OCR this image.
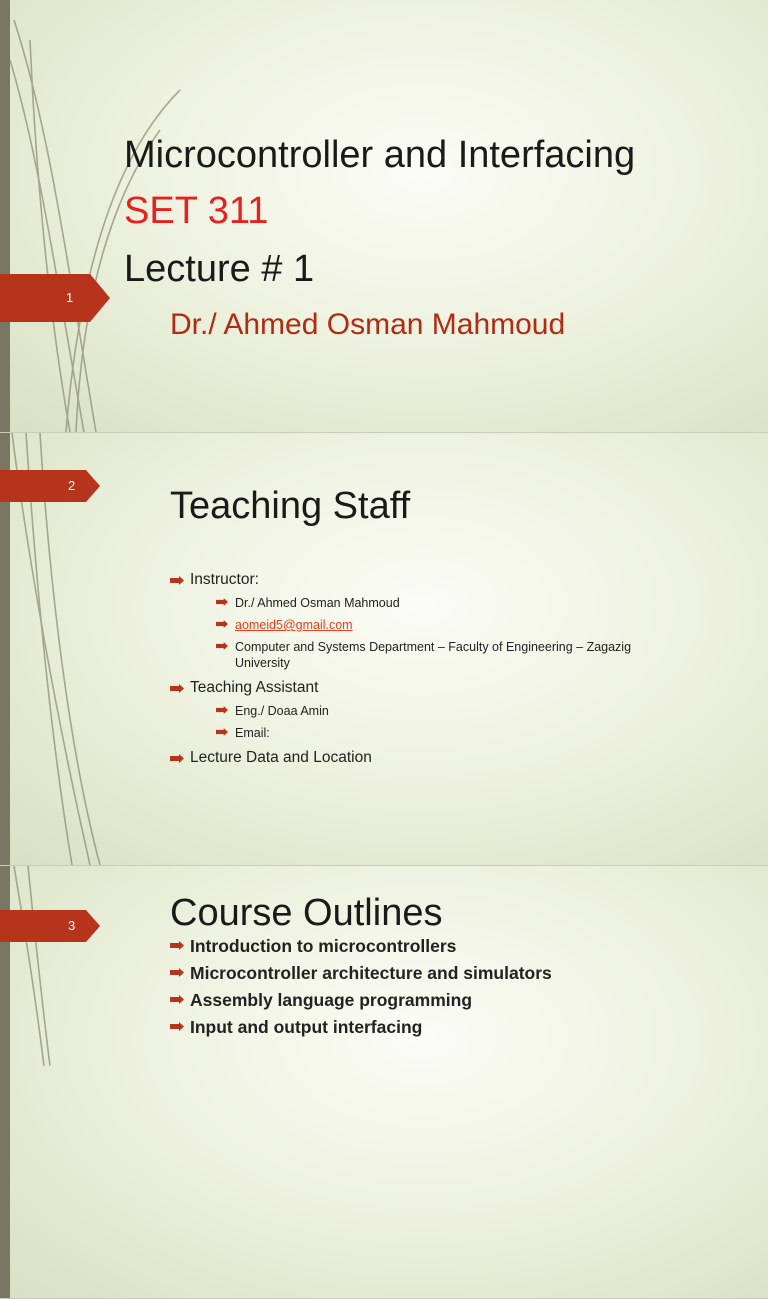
1
Microcontroller and Interfacing
SET 311
Lecture # 1
Dr./ Ahmed Osman Mahmoud
2 Teaching Staff
Instructor:
Dr./ Ahmed Osman Mahmoud
aomeid5@gmail.com
Computer and Systems Department – Faculty of Engineering – Zagazig University
Teaching Assistant
Eng./ Doaa Amin
Email:
Lecture Data and Location
3 Course Outlines
Introduction to microcontrollers
Microcontroller architecture and simulators
Assembly language programming
Input and output interfacing
